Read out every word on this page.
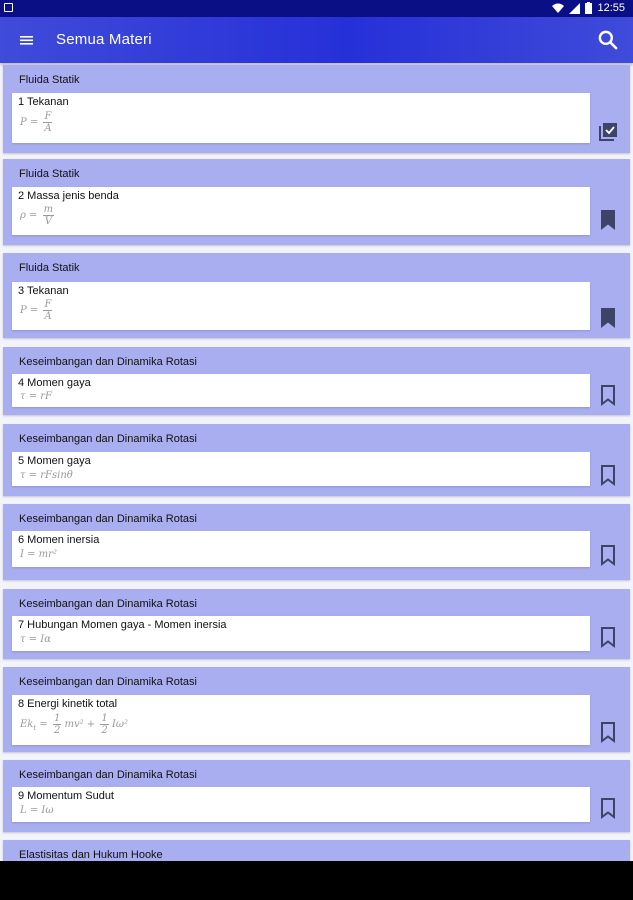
12:55
Semua Materi
Fluida Statik
1 Tekanan
$P = \frac{F}{A}$
Fluida Statik
2 Massa jenis benda
$\rho = \frac{m}{V}$
Fluida Statik
3 Tekanan
$P = \frac{F}{A}$
Keseimbangan dan Dinamika Rotasi
4 Momen gaya
τ = rF
Keseimbangan dan Dinamika Rotasi
5 Momen gaya
τ = rFsinθ
Keseimbangan dan Dinamika Rotasi
6 Momen inersia
I = mr²
Keseimbangan dan Dinamika Rotasi
7 Hubungan Momen gaya - Momen inersia
τ = Iα
Keseimbangan dan Dinamika Rotasi
8 Energi kinetik total
$Ek_t = \frac{1}{2} mv^2 + \frac{1}{2} I\omega^2$
Keseimbangan dan Dinamika Rotasi
9 Momentum Sudut
L = Iω
Elastisitas dan Hukum Hooke
